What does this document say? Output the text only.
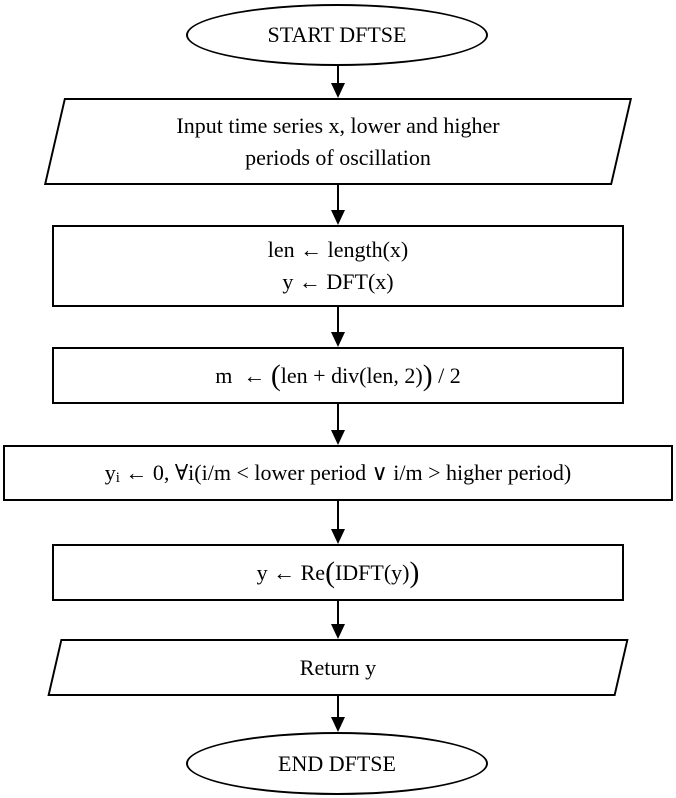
START DFTSE
Input time series x, lower and higher
periods of oscillation
len ← length(x)
y ← DFT(x)
m  ← ( len + div(len, 2) ) / 2
y i ← 0, ∀i(i/m < lower period ∨ i/m > higher period)
y ← Re ( IDFT(y) )
Return y
END DFTSE
